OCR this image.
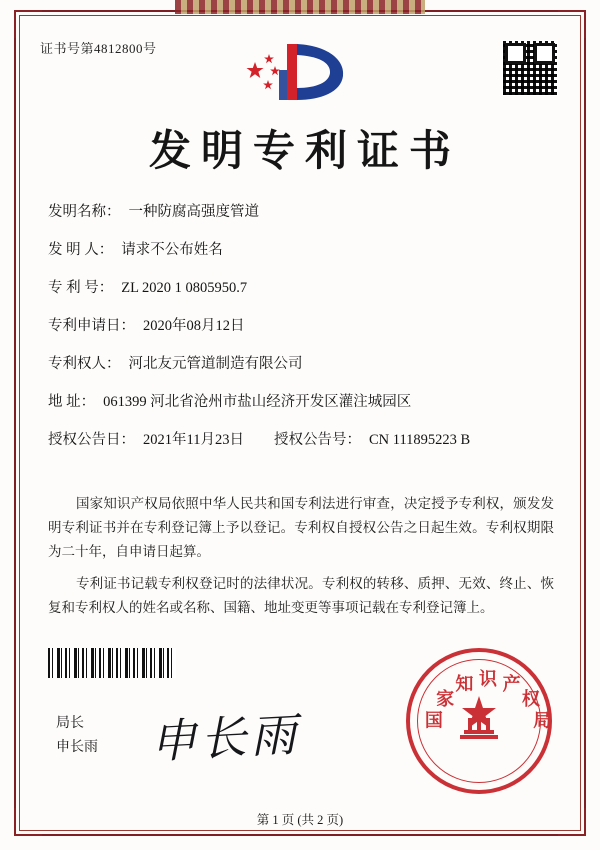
证书号第4812800号
发明专利证书
发明名称 ： 一种防腐高强度管道
发 明 人 ： 请求不公布姓名
专 利 号 ： ZL 2020 1 0805950.7
专利申请日 ： 2020年08月12日
专利权人 ： 河北友元管道制造有限公司
地 址 ： 061399 河北省沧州市盐山经济开发区灌注城园区
授权公告日 ： 2021年11月23日 授权公告号 ： CN 111895223 B

国家知识产权局依照中华人民共和国专利法进行审查，决定授予专利权，颁发发明专利证书并在专利登记簿上予以登记。专利权自授权公告之日起生效。专利权期限为二十年，自申请日起算。

专利证书记载专利权登记时的法律状况。专利权的转移、质押、无效、终止、恢复和专利权人的姓名或名称、国籍、地址变更等事项记载在专利登记簿上。

局长
申长雨 申长雨	国
家
知 识 产
权
局
第 1 页 (共 2 页)
